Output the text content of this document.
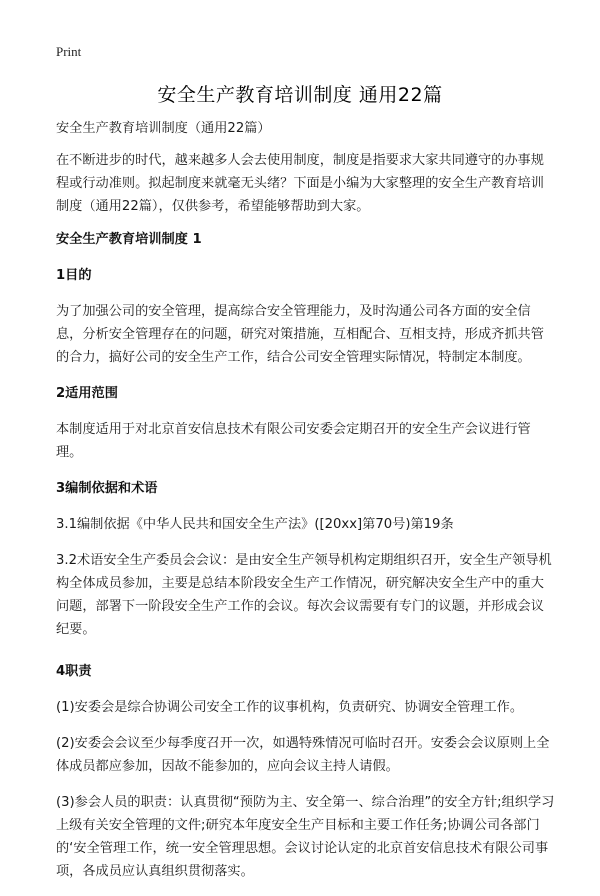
Print
安全生产教育培训制度 通用22篇

安全生产教育培训制度（通用22篇）

在不断进步的时代，越来越多人会去使用制度，制度是指要求大家共同遵守的办事规程或行动准则。拟起制度来就毫无头绪？下面是小编为大家整理的安全生产教育培训制度（通用22篇），仅供参考，希望能够帮助到大家。

安全生产教育培训制度 1

1目的

为了加强公司的安全管理，提高综合安全管理能力，及时沟通公司各方面的安全信息，分析安全管理存在的问题，研究对策措施，互相配合、互相支持，形成齐抓共管的合力，搞好公司的安全生产工作，结合公司安全管理实际情况，特制定本制度。

2适用范围

本制度适用于对北京首安信息技术有限公司安委会定期召开的安全生产会议进行管理。

3编制依据和术语

3.1编制依据《中华人民共和国安全生产法》([20xx]第70号)第19条

3.2术语安全生产委员会会议：是由安全生产领导机构定期组织召开，安全生产领导机构全体成员参加，主要是总结本阶段安全生产工作情况，研究解决安全生产中的重大问题，部署下一阶段安全生产工作的会议。每次会议需要有专门的议题，并形成会议纪要。

4职责

(1)安委会是综合协调公司安全工作的议事机构，负责研究、协调安全管理工作。

(2)安委会会议至少每季度召开一次，如遇特殊情况可临时召开。安委会会议原则上全体成员都应参加，因故不能参加的，应向会议主持人请假。

(3)参会人员的职责：认真贯彻“预防为主、安全第一、综合治理”的安全方针;组织学习上级有关安全管理的文件;研究本年度安全生产目标和主要工作任务;协调公司各部门的‘安全管理工作，统一安全管理思想。会议讨论认定的北京首安信息技术有限公司事项，各成员应认真组织贯彻落实。
